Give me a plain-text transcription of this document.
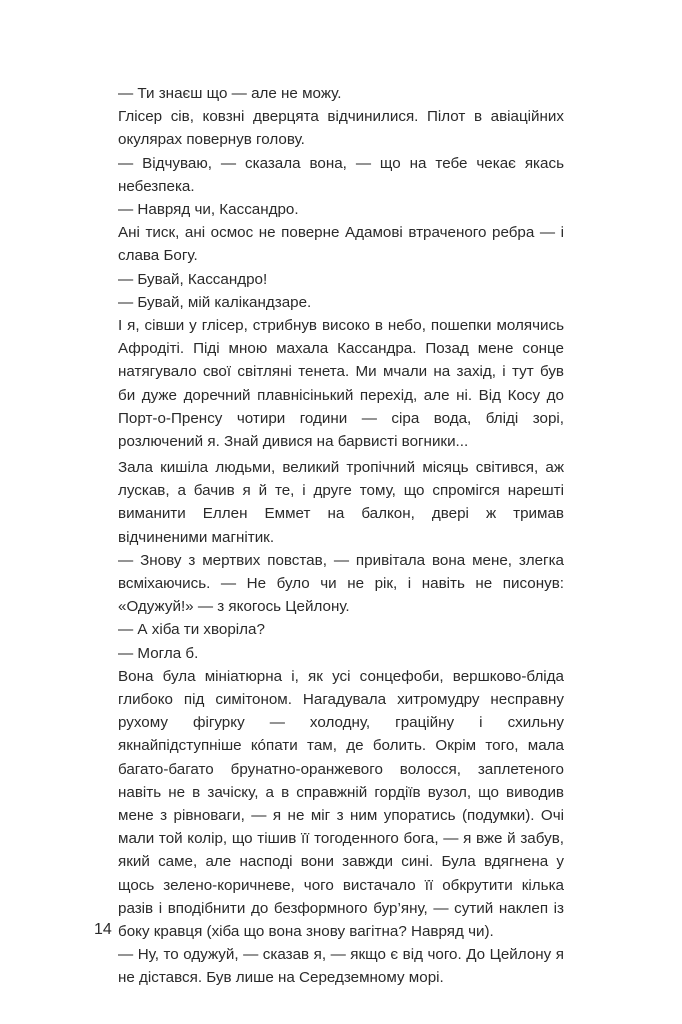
— Ти знаєш що — але не можу.

Глісер сів, ковзні дверцята відчинилися. Пілот в авіаційних окулярах повернув голову.

— Відчуваю, — сказала вона, — що на тебе чекає якась небезпека.

— Навряд чи, Кассандро.

Ані тиск, ані осмос не поверне Адамові втраченого ребра — і слава Богу.

— Бувай, Кассандро!

— Бувай, мій калікандзаре.

І я, сівши у глісер, стрибнув високо в небо, пошепки молячись Афродіті. Піді мною махала Кассандра. Позад мене сонце натягувало свої світляні тенета. Ми мчали на захід, і тут був би дуже доречний плавнісінький перехід, але ні. Від Косу до Порт-о-Пренсу чотири години — сіра вода, бліді зорі, розлючений я. Знай дивися на барвисті вогники...

Зала кишіла людьми, великий тропічний місяць світився, аж лускав, а бачив я й те, і друге тому, що спромігся нарешті виманити Еллен Еммет на балкон, двері ж тримав відчиненими магнітик.

— Знову з мертвих повстав, — привітала вона мене, злегка всміхаючись. — Не було чи не рік, і навіть не писонув: «Одужуй!» — з якогось Цейлону.

— А хіба ти хворіла?

— Могла б.

Вона була мініатюрна і, як усі сонцефоби, вершково-бліда глибоко під симітоном. Нагадувала хитромудру несправну рухому фігурку — холодну, граційну і схильну якнайпідступніше кóпати там, де болить. Окрім того, мала багато-багато брунатно-оранжевого волосся, заплетеного навіть не в зачіску, а в справжній гордіїв вузол, що виводив мене з рівноваги, — я не міг з ним упоратись (подумки). Очі мали той колір, що тішив її тогоденного бога, — я вже й забув, який саме, але насподі вони завжди сині. Була вдягнена у щось зелено-коричневе, чого вистачало її обкрутити кілька разів і вподібнити до безформного бур’яну, — сутий наклеп із боку кравця (хіба що вона знову вагітна? Навряд чи).

— Ну, то одужуй, — сказав я, — якщо є від чого. До Цейлону я не дістався. Був лише на Середземному морі.

14
